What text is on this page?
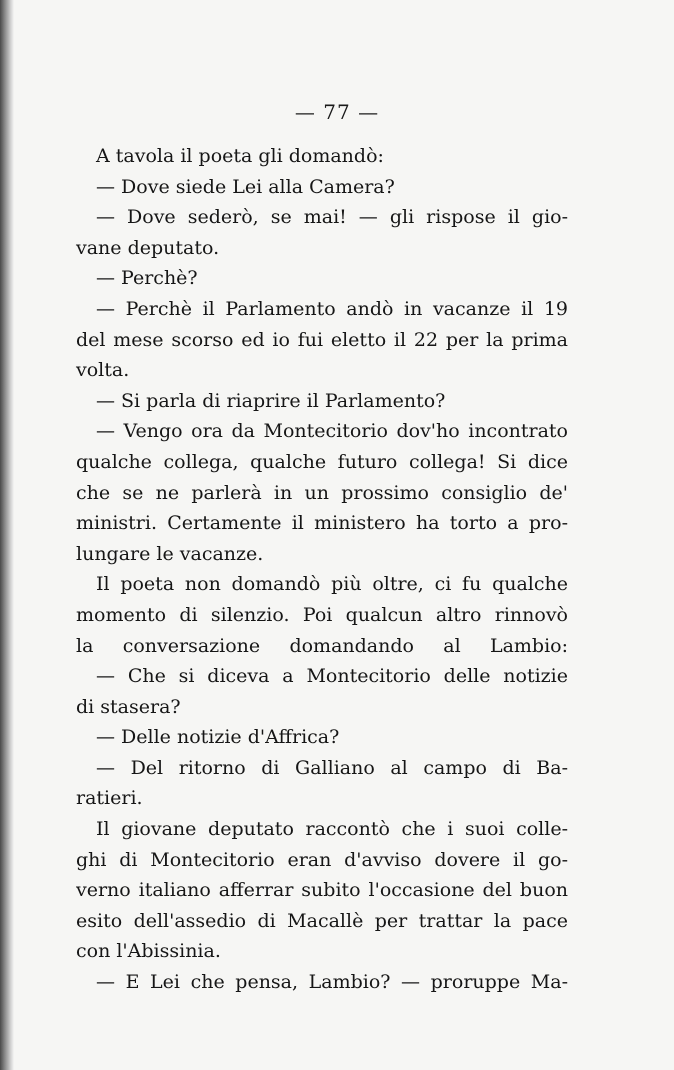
— 77 —
A tavola il poeta gli domandò:
— Dove siede Lei alla Camera?
— Dove sederò, se mai! — gli rispose il gio-
vane deputato.
— Perchè?
— Perchè il Parlamento andò in vacanze il 19
del mese scorso ed io fui eletto il 22 per la prima
volta.
— Si parla di riaprire il Parlamento?
— Vengo ora da Montecitorio dov'ho incontrato
qualche collega, qualche futuro collega! Si dice
che se ne parlerà in un prossimo consiglio de'
ministri. Certamente il ministero ha torto a pro-
lungare le vacanze.
Il poeta non domandò più oltre, ci fu qualche
momento di silenzio. Poi qualcun altro rinnovò
la conversazione domandando al Lambio:
— Che si diceva a Montecitorio delle notizie
di stasera?
— Delle notizie d'Affrica?
— Del ritorno di Galliano al campo di Ba-
ratieri.
Il giovane deputato raccontò che i suoi colle-
ghi di Montecitorio eran d'avviso dovere il go-
verno italiano afferrar subito l'occasione del buon
esito dell'assedio di Macallè per trattar la pace
con l'Abissinia.
— E Lei che pensa, Lambio? — proruppe Ma-
